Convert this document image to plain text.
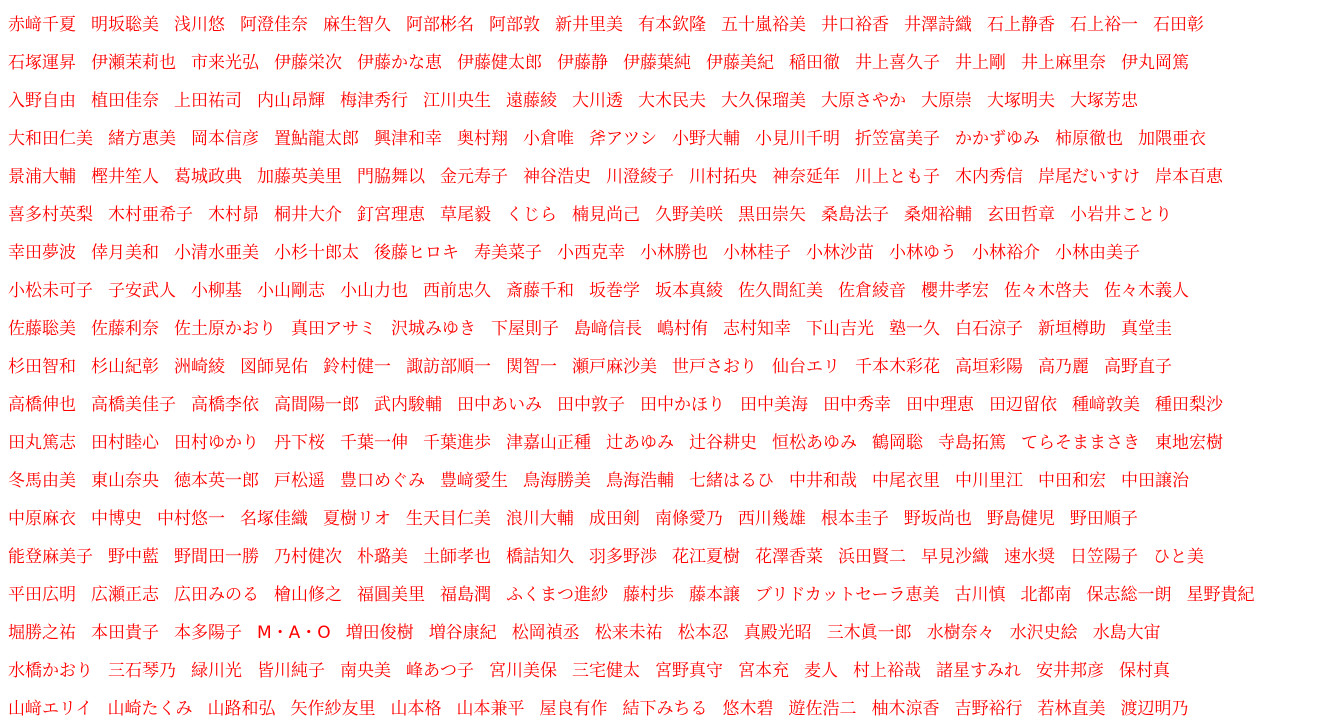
赤﨑千夏 明坂聡美 浅川悠 阿澄佳奈 麻生智久 阿部彬名 阿部敦 新井里美 有本欽隆 五十嵐裕美 井口裕香 井澤詩織 石上静香 石上裕一 石田彰
石塚運昇 伊瀬茉莉也 市来光弘 伊藤栄次 伊藤かな恵 伊藤健太郎 伊藤静 伊藤葉純 伊藤美紀 稲田徹 井上喜久子 井上剛 井上麻里奈 伊丸岡篤
入野自由 植田佳奈 上田祐司 内山昂輝 梅津秀行 江川央生 遠藤綾 大川透 大木民夫 大久保瑠美 大原さやか 大原崇 大塚明夫 大塚芳忠
大和田仁美 緒方恵美 岡本信彦 置鮎龍太郎 興津和幸 奥村翔 小倉唯 斧アツシ 小野大輔 小見川千明 折笠富美子 かかずゆみ 柿原徹也 加隈亜衣
景浦大輔 樫井笙人 葛城政典 加藤英美里 門脇舞以 金元寿子 神谷浩史 川澄綾子 川村拓央 神奈延年 川上とも子 木内秀信 岸尾だいすけ 岸本百恵
喜多村英梨 木村亜希子 木村昴 桐井大介 釘宮理恵 草尾毅 くじら 楠見尚己 久野美咲 黒田崇矢 桑島法子 桑畑裕輔 玄田哲章 小岩井ことり
幸田夢波 倖月美和 小清水亜美 小杉十郎太 後藤ヒロキ 寿美菜子 小西克幸 小林勝也 小林桂子 小林沙苗 小林ゆう 小林裕介 小林由美子
小松未可子 子安武人 小柳基 小山剛志 小山力也 西前忠久 斎藤千和 坂巻学 坂本真綾 佐久間紅美 佐倉綾音 櫻井孝宏 佐々木啓夫 佐々木義人
佐藤聡美 佐藤利奈 佐土原かおり 真田アサミ 沢城みゆき 下屋則子 島﨑信長 嶋村侑 志村知幸 下山吉光 塾一久 白石涼子 新垣樽助 真堂圭
杉田智和 杉山紀彰 洲崎綾 図師晃佑 鈴村健一 諏訪部順一 関智一 瀬戸麻沙美 世戸さおり 仙台エリ 千本木彩花 高垣彩陽 高乃麗 高野直子
高橋伸也 高橋美佳子 高橋李依 高間陽一郎 武内駿輔 田中あいみ 田中敦子 田中かほり 田中美海 田中秀幸 田中理恵 田辺留依 種﨑敦美 種田梨沙
田丸篤志 田村睦心 田村ゆかり 丹下桜 千葉一伸 千葉進歩 津嘉山正種 辻あゆみ 辻谷耕史 恒松あゆみ 鶴岡聡 寺島拓篤 てらそままさき 東地宏樹
冬馬由美 東山奈央 徳本英一郎 戸松遥 豊口めぐみ 豊﨑愛生 鳥海勝美 鳥海浩輔 七緒はるひ 中井和哉 中尾衣里 中川里江 中田和宏 中田譲治
中原麻衣 中博史 中村悠一 名塚佳織 夏樹リオ 生天目仁美 浪川大輔 成田剣 南條愛乃 西川幾雄 根本圭子 野坂尚也 野島健児 野田順子
能登麻美子 野中藍 野間田一勝 乃村健次 朴璐美 土師孝也 橋詰知久 羽多野渉 花江夏樹 花澤香菜 浜田賢二 早見沙織 速水奨 日笠陽子 ひと美
平田広明 広瀬正志 広田みのる 檜山修之 福圓美里 福島潤 ふくまつ進紗 藤村歩 藤本譲 ブリドカットセーラ恵美 古川慎 北都南 保志総一朗 星野貴紀
堀勝之祐 本田貴子 本多陽子 M・A・O 増田俊樹 増谷康紀 松岡禎丞 松来未祐 松本忍 真殿光昭 三木眞一郎 水樹奈々 水沢史絵 水島大宙
水橋かおり 三石琴乃 緑川光 皆川純子 南央美 峰あつ子 宮川美保 三宅健太 宮野真守 宮本充 麦人 村上裕哉 諸星すみれ 安井邦彦 保村真
山﨑エリイ 山崎たくみ 山路和弘 矢作紗友里 山本格 山本兼平 屋良有作 結下みちる 悠木碧 遊佐浩二 柚木涼香 吉野裕行 若林直美 渡辺明乃
